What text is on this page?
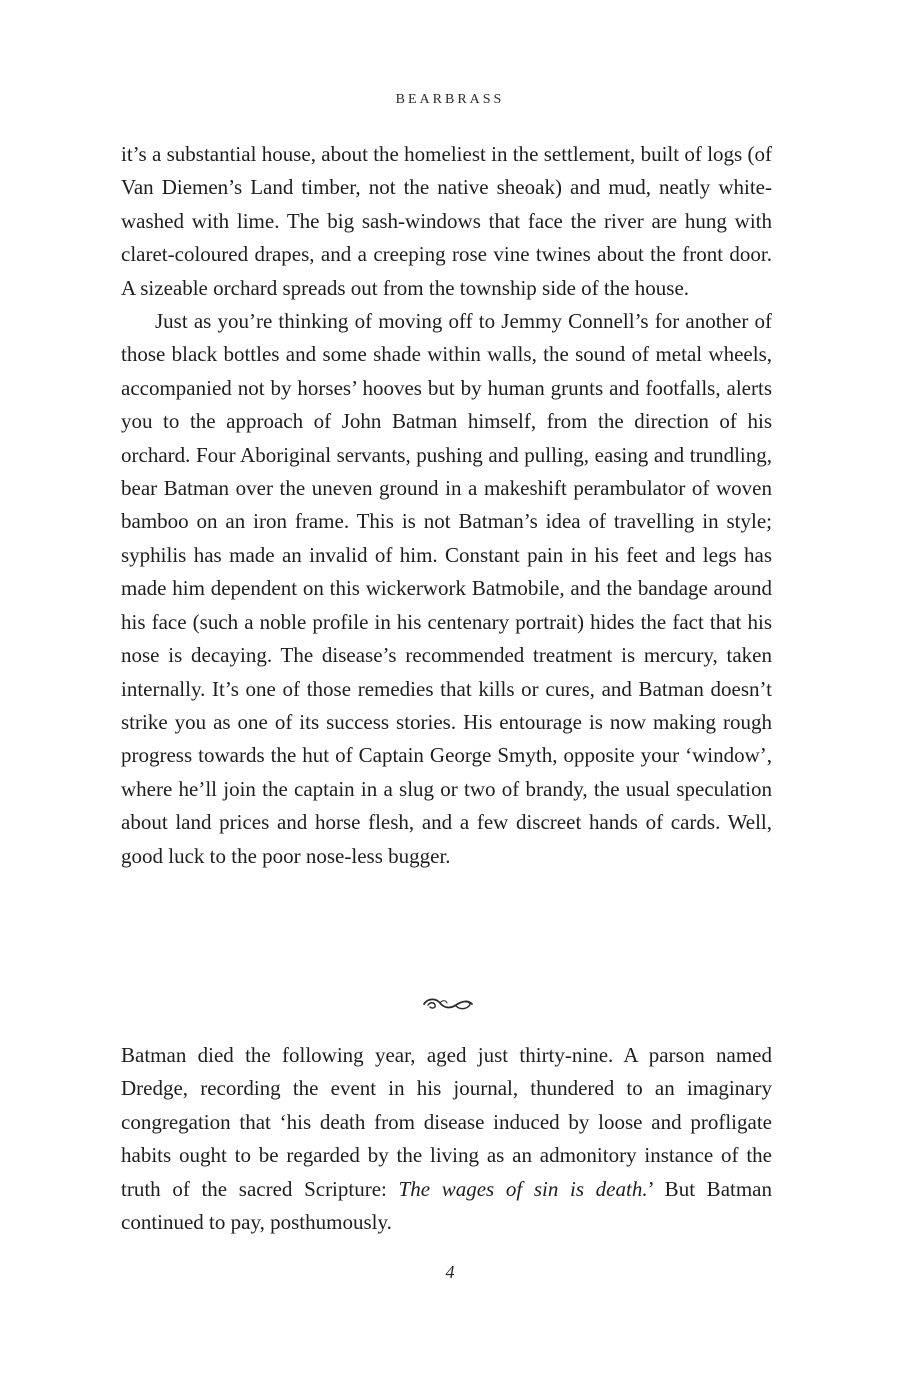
BEARBRASS

it’s a substantial house, about the homeliest in the settlement, built of logs (of Van Diemen’s Land timber, not the native sheoak) and mud, neatly white-washed with lime. The big sash-windows that face the river are hung with claret-coloured drapes, and a creeping rose vine twines about the front door. A sizeable orchard spreads out from the township side of the house.

Just as you’re thinking of moving off to Jemmy Connell’s for another of those black bottles and some shade within walls, the sound of metal wheels, accompanied not by horses’ hooves but by human grunts and footfalls, alerts you to the approach of John Batman himself, from the direction of his orchard. Four Aboriginal servants, pushing and pulling, easing and trundling, bear Batman over the uneven ground in a makeshift perambulator of woven bamboo on an iron frame. This is not Batman’s idea of travelling in style; syphilis has made an invalid of him. Constant pain in his feet and legs has made him dependent on this wickerwork Batmobile, and the bandage around his face (such a noble profile in his centenary portrait) hides the fact that his nose is decaying. The disease’s recommended treatment is mercury, taken internally. It’s one of those remedies that kills or cures, and Batman doesn’t strike you as one of its success stories. His entourage is now making rough progress towards the hut of Captain George Smyth, opposite your ‘window’, where he’ll join the captain in a slug or two of brandy, the usual speculation about land prices and horse flesh, and a few discreet hands of cards. Well, good luck to the poor nose-less bugger.

Batman died the following year, aged just thirty-nine. A parson named Dredge, recording the event in his journal, thundered to an imaginary congregation that ‘his death from disease induced by loose and profligate habits ought to be regarded by the living as an admonitory instance of the truth of the sacred Scripture: The wages of sin is death.’ But Batman continued to pay, posthumously.

4
